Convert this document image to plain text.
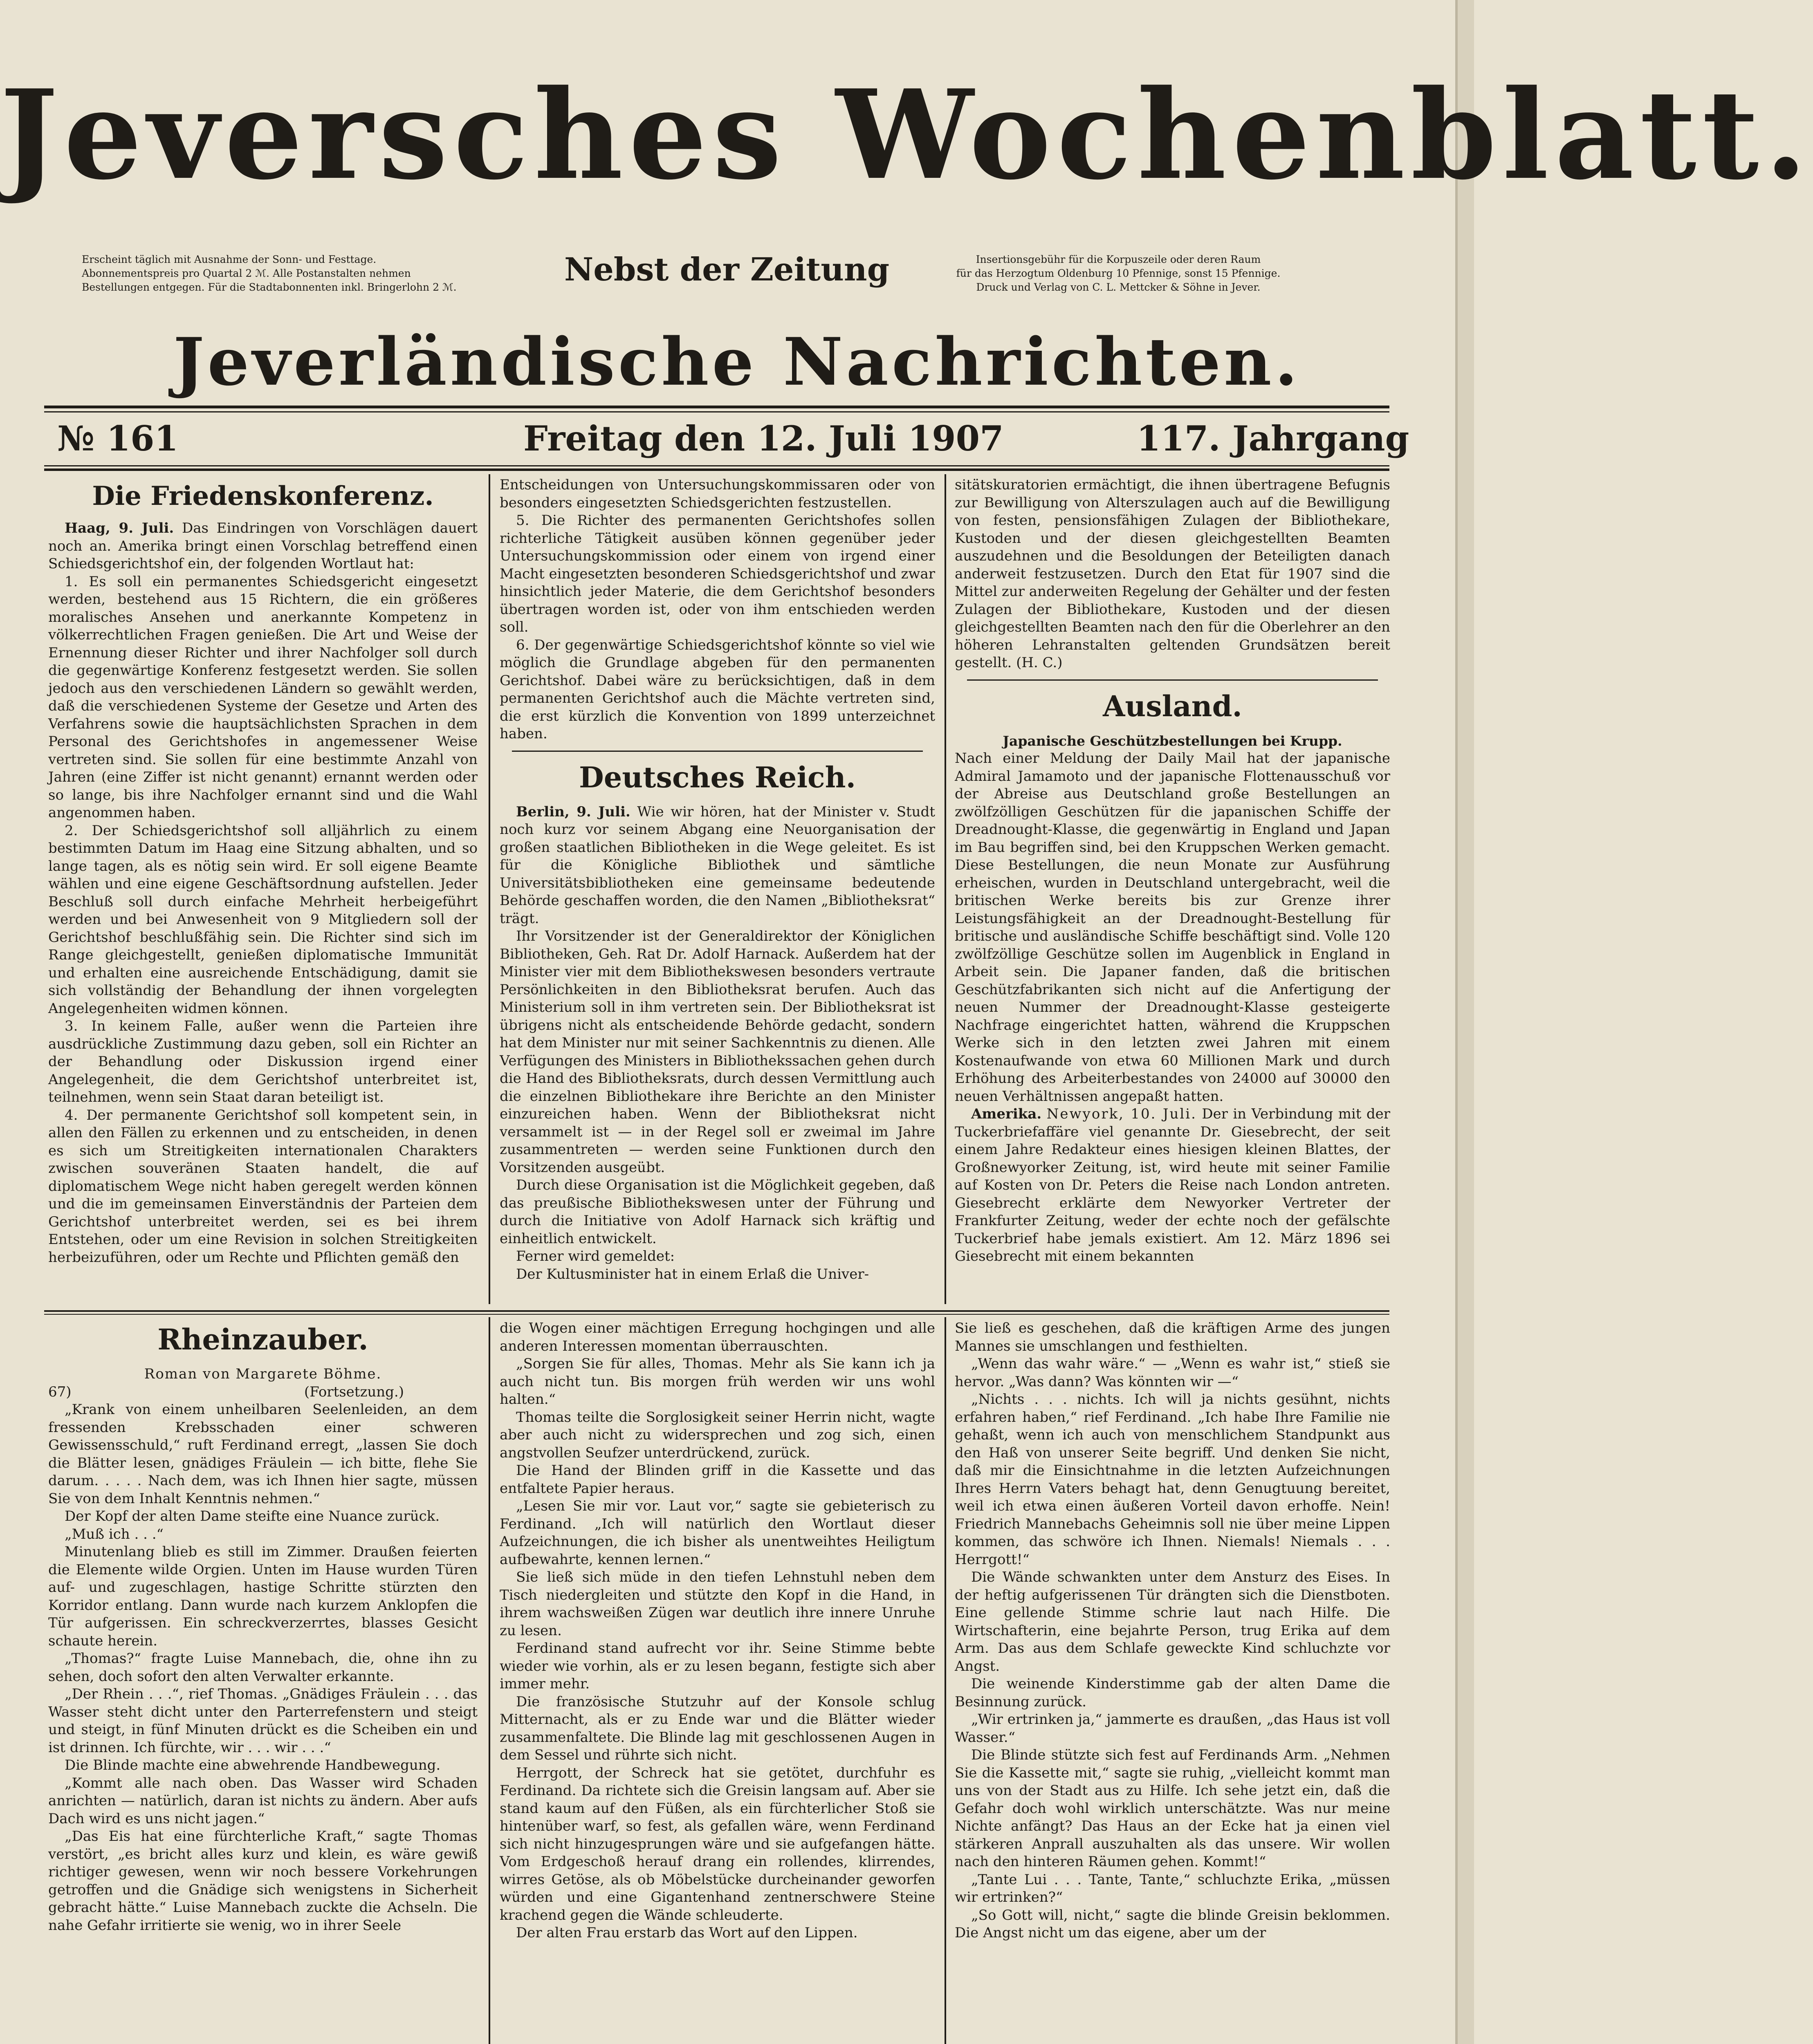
Jeversches Wochenblatt.
Erscheint täglich mit Ausnahme der Sonn- und Festtage.
Abonnementspreis pro Quartal 2 ℳ. Alle Postanstalten nehmen
Bestellungen entgegen. Für die Stadtabonnenten inkl. Bringerlohn 2 ℳ.	Nebst der Zeitung	Insertionsgebühr für die Korpuszeile oder deren Raum
für das Herzogtum Oldenburg 10 Pfennige, sonst 15 Pfennige.
Druck und Verlag von C. L. Mettcker & Söhne in Jever.
Jeverländische Nachrichten.
№ 161	Freitag den 12. Juli 1907	117. Jahrgang

Die Friedenskonferenz.

Haag, 9. Juli. Das Eindringen von Vorschlägen dauert noch an. Amerika bringt einen Vorschlag betreffend einen Schiedsgerichtshof ein, der folgenden Wortlaut hat:

1. Es soll ein permanentes Schiedsgericht eingesetzt werden, bestehend aus 15 Richtern, die ein größeres moralisches Ansehen und anerkannte Kompetenz in völkerrechtlichen Fragen genießen. Die Art und Weise der Ernennung dieser Richter und ihrer Nachfolger soll durch die gegenwärtige Konferenz festgesetzt werden. Sie sollen jedoch aus den verschiedenen Ländern so gewählt werden, daß die verschiedenen Systeme der Gesetze und Arten des Verfahrens sowie die hauptsächlichsten Sprachen in dem Personal des Gerichtshofes in angemessener Weise vertreten sind. Sie sollen für eine bestimmte Anzahl von Jahren (eine Ziffer ist nicht genannt) ernannt werden oder so lange, bis ihre Nachfolger ernannt sind und die Wahl angenommen haben.

2. Der Schiedsgerichtshof soll alljährlich zu einem bestimmten Datum im Haag eine Sitzung abhalten, und so lange tagen, als es nötig sein wird. Er soll eigene Beamte wählen und eine eigene Geschäftsordnung aufstellen. Jeder Beschluß soll durch einfache Mehrheit herbeigeführt werden und bei Anwesenheit von 9 Mitgliedern soll der Gerichtshof beschlußfähig sein. Die Richter sind sich im Range gleichgestellt, genießen diplomatische Immunität und erhalten eine ausreichende Entschädigung, damit sie sich vollständig der Behandlung der ihnen vorgelegten Angelegenheiten widmen können.

3. In keinem Falle, außer wenn die Parteien ihre ausdrückliche Zustimmung dazu geben, soll ein Richter an der Behandlung oder Diskussion irgend einer Angelegenheit, die dem Gerichtshof unterbreitet ist, teilnehmen, wenn sein Staat daran beteiligt ist.

4. Der permanente Gerichtshof soll kompetent sein, in allen den Fällen zu erkennen und zu entscheiden, in denen es sich um Streitigkeiten internationalen Charakters zwischen souveränen Staaten handelt, die auf diplomatischem Wege nicht haben geregelt werden können und die im gemeinsamen Einverständnis der Parteien dem Gerichtshof unterbreitet werden, sei es bei ihrem Entstehen, oder um eine Revision in solchen Streitigkeiten herbeizuführen, oder um Rechte und Pflichten gemäß den

Entscheidungen von Untersuchungskommissaren oder von besonders eingesetzten Schiedsgerichten festzustellen.

5. Die Richter des permanenten Gerichtshofes sollen richterliche Tätigkeit ausüben können gegenüber jeder Untersuchungskommission oder einem von irgend einer Macht eingesetzten besonderen Schiedsgerichtshof und zwar hinsichtlich jeder Materie, die dem Gerichtshof besonders übertragen worden ist, oder von ihm entschieden werden soll.

6. Der gegenwärtige Schiedsgerichtshof könnte so viel wie möglich die Grundlage abgeben für den permanenten Gerichtshof. Dabei wäre zu berücksichtigen, daß in dem permanenten Gerichtshof auch die Mächte vertreten sind, die erst kürzlich die Konvention von 1899 unterzeichnet haben.

Deutsches Reich.

Berlin, 9. Juli. Wie wir hören, hat der Minister v. Studt noch kurz vor seinem Abgang eine Neuorganisation der großen staatlichen Bibliotheken in die Wege geleitet. Es ist für die Königliche Bibliothek und sämtliche Universitätsbibliotheken eine gemeinsame bedeutende Behörde geschaffen worden, die den Namen „Bibliotheksrat“ trägt.

Ihr Vorsitzender ist der Generaldirektor der Königlichen Bibliotheken, Geh. Rat Dr. Adolf Harnack. Außerdem hat der Minister vier mit dem Bibliothekswesen besonders vertraute Persönlichkeiten in den Bibliotheksrat berufen. Auch das Ministerium soll in ihm vertreten sein. Der Bibliotheksrat ist übrigens nicht als entscheidende Behörde gedacht, sondern hat dem Minister nur mit seiner Sachkenntnis zu dienen. Alle Verfügungen des Ministers in Bibliothekssachen gehen durch die Hand des Bibliotheksrats, durch dessen Vermittlung auch die einzelnen Bibliothekare ihre Berichte an den Minister einzureichen haben. Wenn der Bibliotheksrat nicht versammelt ist — in der Regel soll er zweimal im Jahre zusammentreten — werden seine Funktionen durch den Vorsitzenden ausgeübt.

Durch diese Organisation ist die Möglichkeit gegeben, daß das preußische Bibliothekswesen unter der Führung und durch die Initiative von Adolf Harnack sich kräftig und einheitlich entwickelt.

Ferner wird gemeldet:

Der Kultusminister hat in einem Erlaß die Univer-

sitätskuratorien ermächtigt, die ihnen übertragene Befugnis zur Bewilligung von Alterszulagen auch auf die Bewilligung von festen, pensionsfähigen Zulagen der Bibliothekare, Kustoden und der diesen gleichgestellten Beamten auszudehnen und die Besoldungen der Beteiligten danach anderweit festzusetzen. Durch den Etat für 1907 sind die Mittel zur anderweiten Regelung der Gehälter und der festen Zulagen der Bibliothekare, Kustoden und der diesen gleichgestellten Beamten nach den für die Oberlehrer an den höheren Lehranstalten geltenden Grundsätzen bereit gestellt. (H. C.)

Ausland.

Japanische Geschützbestellungen bei Krupp.

Nach einer Meldung der Daily Mail hat der japanische Admiral Jamamoto und der japanische Flottenausschuß vor der Abreise aus Deutschland große Bestellungen an zwölfzölligen Geschützen für die japanischen Schiffe der Dreadnought-Klasse, die gegenwärtig in England und Japan im Bau begriffen sind, bei den Kruppschen Werken gemacht. Diese Bestellungen, die neun Monate zur Ausführung erheischen, wurden in Deutschland untergebracht, weil die britischen Werke bereits bis zur Grenze ihrer Leistungsfähigkeit an der Dreadnought-Bestellung für britische und ausländische Schiffe beschäftigt sind. Volle 120 zwölfzöllige Geschütze sollen im Augenblick in England in Arbeit sein. Die Japaner fanden, daß die britischen Geschützfabrikanten sich nicht auf die Anfertigung der neuen Nummer der Dreadnought-Klasse gesteigerte Nachfrage eingerichtet hatten, während die Kruppschen Werke sich in den letzten zwei Jahren mit einem Kostenaufwande von etwa 60 Millionen Mark und durch Erhöhung des Arbeiterbestandes von 24000 auf 30000 den neuen Verhältnissen angepaßt hatten.

Amerika. Newyork, 10. Juli. Der in Verbindung mit der Tuckerbriefaffäre viel genannte Dr. Giesebrecht, der seit einem Jahre Redakteur eines hiesigen kleinen Blattes, der Großnewyorker Zeitung, ist, wird heute mit seiner Familie auf Kosten von Dr. Peters die Reise nach London antreten. Giesebrecht erklärte dem Newyorker Vertreter der Frankfurter Zeitung, weder der echte noch der gefälschte Tuckerbrief habe jemals existiert. Am 12. März 1896 sei Giesebrecht mit einem bekannten

Rheinzauber.

Roman von Margarete Böhme.

67)	(Fortsetzung.)

„Krank von einem unheilbaren Seelenleiden, an dem fressenden Krebsschaden einer schweren Gewissensschuld,“ ruft Ferdinand erregt, „lassen Sie doch die Blätter lesen, gnädiges Fräulein — ich bitte, flehe Sie darum. . . . . Nach dem, was ich Ihnen hier sagte, müssen Sie von dem Inhalt Kenntnis nehmen.“

Der Kopf der alten Dame steifte eine Nuance zurück.

„Muß ich . . .“

Minutenlang blieb es still im Zimmer. Draußen feierten die Elemente wilde Orgien. Unten im Hause wurden Türen auf- und zugeschlagen, hastige Schritte stürzten den Korridor entlang. Dann wurde nach kurzem Anklopfen die Tür aufgerissen. Ein schreckverzerrtes, blasses Gesicht schaute herein.

„Thomas?“ fragte Luise Mannebach, die, ohne ihn zu sehen, doch sofort den alten Verwalter erkannte.

„Der Rhein . . .“, rief Thomas. „Gnädiges Fräulein . . . das Wasser steht dicht unter den Parterrefenstern und steigt und steigt, in fünf Minuten drückt es die Scheiben ein und ist drinnen. Ich fürchte, wir . . . wir . . .“

Die Blinde machte eine abwehrende Handbewegung.

„Kommt alle nach oben. Das Wasser wird Schaden anrichten — natürlich, daran ist nichts zu ändern. Aber aufs Dach wird es uns nicht jagen.“

„Das Eis hat eine fürchterliche Kraft,“ sagte Thomas verstört, „es bricht alles kurz und klein, es wäre gewiß richtiger gewesen, wenn wir noch bessere Vorkehrungen getroffen und die Gnädige sich wenigstens in Sicherheit gebracht hätte.“ Luise Mannebach zuckte die Achseln. Die nahe Gefahr irritierte sie wenig, wo in ihrer Seele

die Wogen einer mächtigen Erregung hochgingen und alle anderen Interessen momentan überrauschten.

„Sorgen Sie für alles, Thomas. Mehr als Sie kann ich ja auch nicht tun. Bis morgen früh werden wir uns wohl halten.“

Thomas teilte die Sorglosigkeit seiner Herrin nicht, wagte aber auch nicht zu widersprechen und zog sich, einen angstvollen Seufzer unterdrückend, zurück.

Die Hand der Blinden griff in die Kassette und das entfaltete Papier heraus.

„Lesen Sie mir vor. Laut vor,“ sagte sie gebieterisch zu Ferdinand. „Ich will natürlich den Wortlaut dieser Aufzeichnungen, die ich bisher als unentweihtes Heiligtum aufbewahrte, kennen lernen.“

Sie ließ sich müde in den tiefen Lehnstuhl neben dem Tisch niedergleiten und stützte den Kopf in die Hand, in ihrem wachsweißen Zügen war deutlich ihre innere Unruhe zu lesen.

Ferdinand stand aufrecht vor ihr. Seine Stimme bebte wieder wie vorhin, als er zu lesen begann, festigte sich aber immer mehr.

Die französische Stutzuhr auf der Konsole schlug Mitternacht, als er zu Ende war und die Blätter wieder zusammenfaltete. Die Blinde lag mit geschlossenen Augen in dem Sessel und rührte sich nicht.

Herrgott, der Schreck hat sie getötet, durchfuhr es Ferdinand. Da richtete sich die Greisin langsam auf. Aber sie stand kaum auf den Füßen, als ein fürchterlicher Stoß sie hintenüber warf, so fest, als gefallen wäre, wenn Ferdinand sich nicht hinzugesprungen wäre und sie aufgefangen hätte. Vom Erdgeschoß herauf drang ein rollendes, klirrendes, wirres Getöse, als ob Möbelstücke durcheinander geworfen würden und eine Gigantenhand zentnerschwere Steine krachend gegen die Wände schleuderte.

Der alten Frau erstarb das Wort auf den Lippen.

Sie ließ es geschehen, daß die kräftigen Arme des jungen Mannes sie umschlangen und festhielten.

„Wenn das wahr wäre.“ — „Wenn es wahr ist,“ stieß sie hervor. „Was dann? Was könnten wir —“

„Nichts . . . nichts. Ich will ja nichts gesühnt, nichts erfahren haben,“ rief Ferdinand. „Ich habe Ihre Familie nie gehaßt, wenn ich auch von menschlichem Standpunkt aus den Haß von unserer Seite begriff. Und denken Sie nicht, daß mir die Einsichtnahme in die letzten Aufzeichnungen Ihres Herrn Vaters behagt hat, denn Genugtuung bereitet, weil ich etwa einen äußeren Vorteil davon erhoffe. Nein! Friedrich Mannebachs Geheimnis soll nie über meine Lippen kommen, das schwöre ich Ihnen. Niemals! Niemals . . . Herrgott!“

Die Wände schwankten unter dem Ansturz des Eises. In der heftig aufgerissenen Tür drängten sich die Dienstboten. Eine gellende Stimme schrie laut nach Hilfe. Die Wirtschafterin, eine bejahrte Person, trug Erika auf dem Arm. Das aus dem Schlafe geweckte Kind schluchzte vor Angst.

Die weinende Kinderstimme gab der alten Dame die Besinnung zurück.

„Wir ertrinken ja,“ jammerte es draußen, „das Haus ist voll Wasser.“

Die Blinde stützte sich fest auf Ferdinands Arm. „Nehmen Sie die Kassette mit,“ sagte sie ruhig, „vielleicht kommt man uns von der Stadt aus zu Hilfe. Ich sehe jetzt ein, daß die Gefahr doch wohl wirklich unterschätzte. Was nur meine Nichte anfängt? Das Haus an der Ecke hat ja einen viel stärkeren Anprall auszuhalten als das unsere. Wir wollen nach den hinteren Räumen gehen. Kommt!“

„Tante Lui . . . Tante, Tante,“ schluchzte Erika, „müssen wir ertrinken?“

„So Gott will, nicht,“ sagte die blinde Greisin beklommen. Die Angst nicht um das eigene, aber um der
